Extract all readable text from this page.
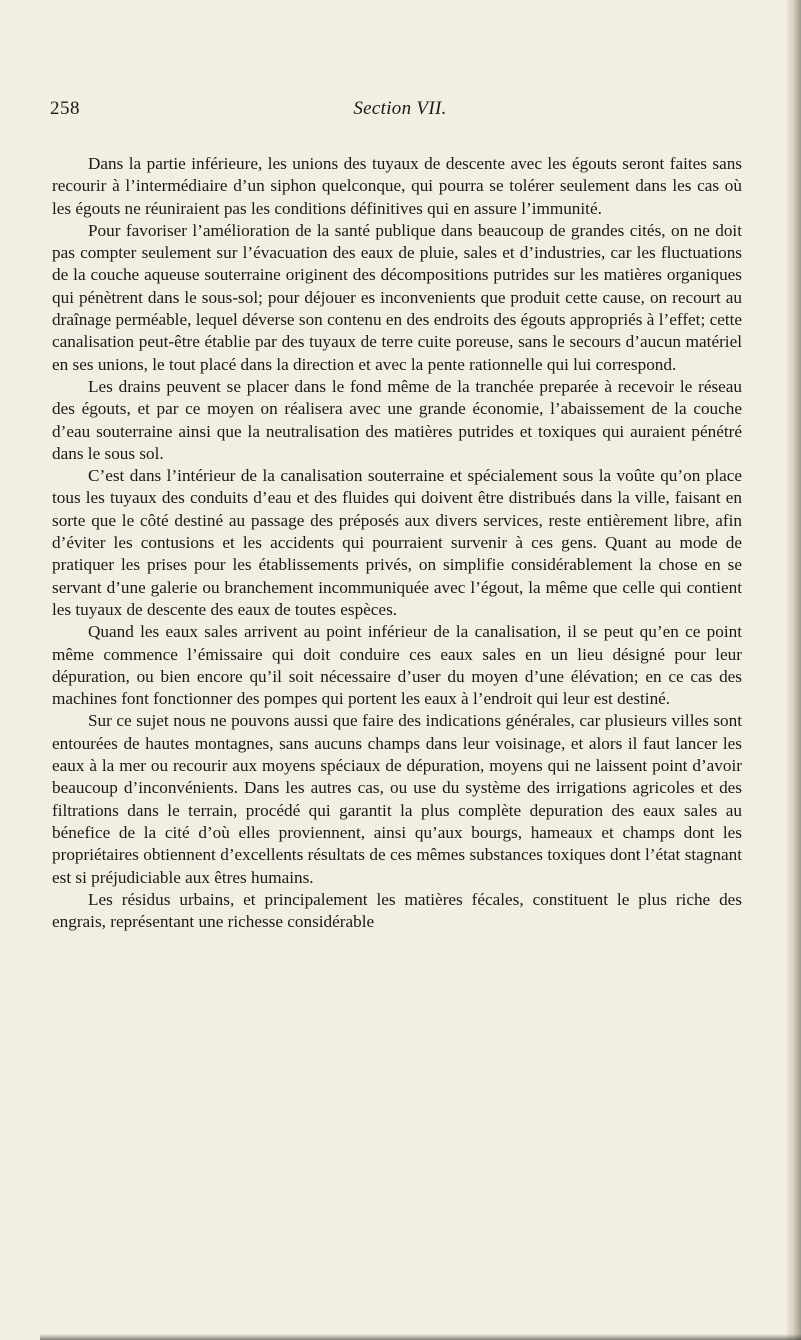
258	Section VII.

Dans la partie inférieure, les unions des tuyaux de descente avec les égouts seront faites sans recourir à l’intermédiaire d’un siphon quelconque, qui pourra se tolérer seulement dans les cas où les égouts ne réuniraient pas les conditions définitives qui en assure l’immunité.

Pour favoriser l’amélioration de la santé publique dans beaucoup de grandes cités, on ne doit pas compter seulement sur l’évacuation des eaux de pluie, sales et d’industries, car les fluctuations de la couche aqueuse souterraine originent des décompositions putrides sur les matières organiques qui pénètrent dans le sous-sol; pour déjouer es inconvenients que produit cette cause, on recourt au draînage perméable, lequel déverse son contenu en des endroits des égouts appropriés à l’effet; cette canalisation peut-être établie par des tuyaux de terre cuite poreuse, sans le secours d’aucun matériel en ses unions, le tout placé dans la direction et avec la pente rationnelle qui lui correspond.

Les drains peuvent se placer dans le fond même de la tranchée preparée à recevoir le réseau des égouts, et par ce moyen on réalisera avec une grande économie, l’abaissement de la couche d’eau souterraine ainsi que la neutralisation des matières putrides et toxiques qui auraient pénétré dans le sous sol.

C’est dans l’intérieur de la canalisation souterraine et spécialement sous la voûte qu’on place tous les tuyaux des conduits d’eau et des fluides qui doivent être distribués dans la ville, faisant en sorte que le côté destiné au passage des préposés aux divers services, reste entièrement libre, afin d’éviter les contusions et les accidents qui pourraient survenir à ces gens. Quant au mode de pratiquer les prises pour les établissements privés, on simplifie considérablement la chose en se servant d’une galerie ou branchement incommuniquée avec l’égout, la même que celle qui contient les tuyaux de descente des eaux de toutes espèces.

Quand les eaux sales arrivent au point inférieur de la canalisation, il se peut qu’en ce point même commence l’émissaire qui doit conduire ces eaux sales en un lieu désigné pour leur dépuration, ou bien encore qu’il soit nécessaire d’user du moyen d’une élévation; en ce cas des machines font fonctionner des pompes qui portent les eaux à l’endroit qui leur est destiné.

Sur ce sujet nous ne pouvons aussi que faire des indications générales, car plusieurs villes sont entourées de hautes montagnes, sans aucuns champs dans leur voisinage, et alors il faut lancer les eaux à la mer ou recourir aux moyens spéciaux de dépuration, moyens qui ne laissent point d’avoir beaucoup d’inconvénients. Dans les autres cas, ou use du système des irrigations agricoles et des filtrations dans le terrain, procédé qui garantit la plus complète depuration des eaux sales au bénefice de la cité d’où elles proviennent, ainsi qu’aux bourgs, hameaux et champs dont les propriétaires obtiennent d’excellents résultats de ces mêmes substances toxiques dont l’état stagnant est si préjudiciable aux êtres humains.

Les résidus urbains, et principalement les matières fécales, constituent le plus riche des engrais, représentant une richesse considérable
